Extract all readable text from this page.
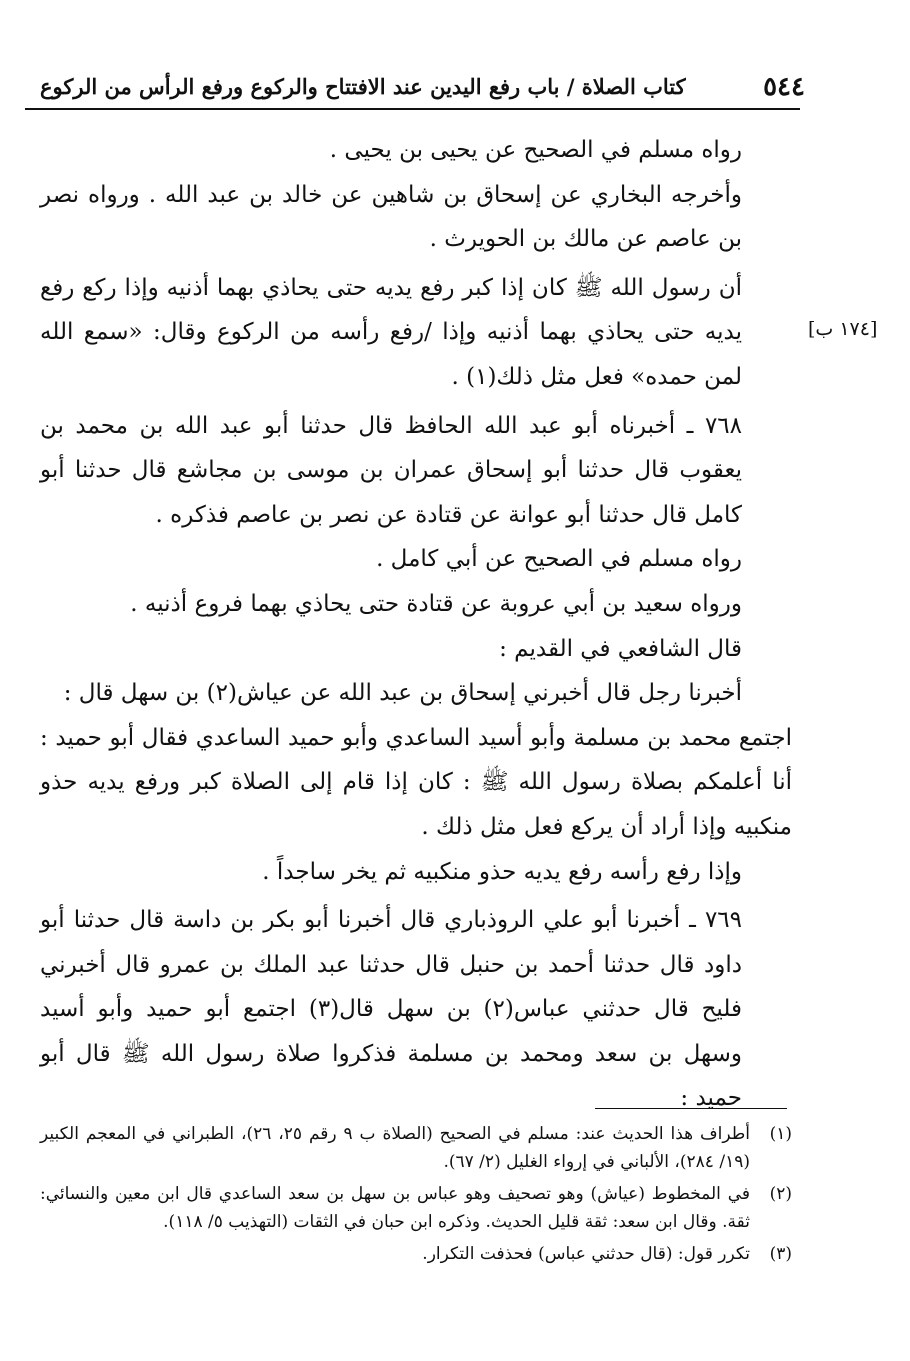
٥٤٤
كتاب الصلاة / باب رفع اليدين عند الافتتاح والركوع ورفع الرأس من الركوع
[١٧٤ ب]

رواه مسلم في الصحيح عن يحيى بن يحيى .

وأخرجه البخاري عن إسحاق بن شاهين عن خالد بن عبد الله . ورواه نصر بن عاصم عن مالك بن الحويرث .

أن رسول الله ﷺ كان إذا كبر رفع يديه حتى يحاذي بهما أذنيه وإذا ركع رفع يديه حتى يحاذي بهما أذنيه وإذا /رفع رأسه من الركوع وقال: «سمع الله لمن حمده» فعل مثل ذلك(١) .

٧٦٨ ـ أخبرناه أبو عبد الله الحافظ قال حدثنا أبو عبد الله بن محمد بن يعقوب قال حدثنا أبو إسحاق عمران بن موسى بن مجاشع قال حدثنا أبو كامل قال حدثنا أبو عوانة عن قتادة عن نصر بن عاصم فذكره .

رواه مسلم في الصحيح عن أبي كامل .

ورواه سعيد بن أبي عروبة عن قتادة حتى يحاذي بهما فروع أذنيه .

قال الشافعي في القديم :

أخبرنا رجل قال أخبرني إسحاق بن عبد الله عن عياش(٢) بن سهل قال :

اجتمع محمد بن مسلمة وأبو أسيد الساعدي وأبو حميد الساعدي فقال أبو حميد : أنا أعلمكم بصلاة رسول الله ﷺ : كان إذا قام إلى الصلاة كبر ورفع يديه حذو منكبيه وإذا أراد أن يركع فعل مثل ذلك .

وإذا رفع رأسه رفع يديه حذو منكبيه ثم يخر ساجداً .

٧٦٩ ـ أخبرنا أبو علي الروذباري قال أخبرنا أبو بكر بن داسة قال حدثنا أبو داود قال حدثنا أحمد بن حنبل قال حدثنا عبد الملك بن عمرو قال أخبرني فليح قال حدثني عباس(٢) بن سهل قال(٣) اجتمع أبو حميد وأبو أسيد وسهل بن سعد ومحمد بن مسلمة فذكروا صلاة رسول الله ﷺ قال أبو حميد :

(١)
أطراف هذا الحديث عند: مسلم في الصحيح (الصلاة ب ٩ رقم ٢٥، ٢٦)، الطبراني في المعجم الكبير (١٩/ ٢٨٤)، الألباني في إرواء الغليل (٢/ ٦٧).
(٢)
في المخطوط (عياش) وهو تصحيف وهو عباس بن سهل بن سعد الساعدي قال ابن معين والنسائي: ثقة. وقال ابن سعد: ثقة قليل الحديث. وذكره ابن حبان في الثقات (التهذيب ٥/ ١١٨).
(٣)
تكرر قول: (قال حدثني عباس) فحذفت التكرار.
